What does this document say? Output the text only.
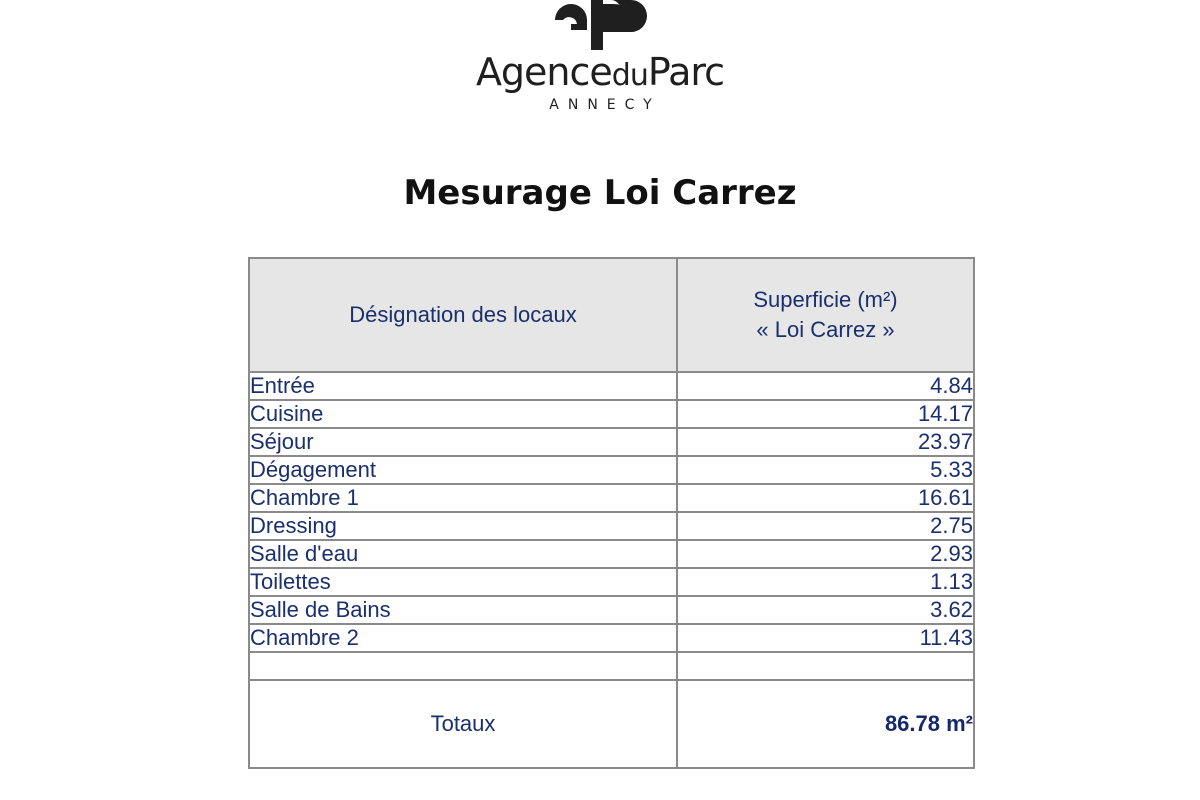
AgenceduParc
ANNECY
Mesurage Loi Carrez
Désignation des locaux	Superficie (m²)
« Loi Carrez »
Entrée	4.84
Cuisine	14.17
Séjour	23.97
Dégagement	5.33
Chambre 1	16.61
Dressing	2.75
Salle d'eau	2.93
Toilettes	1.13
Salle de Bains	3.62
Chambre 2	11.43

Totaux	86.78 m²
